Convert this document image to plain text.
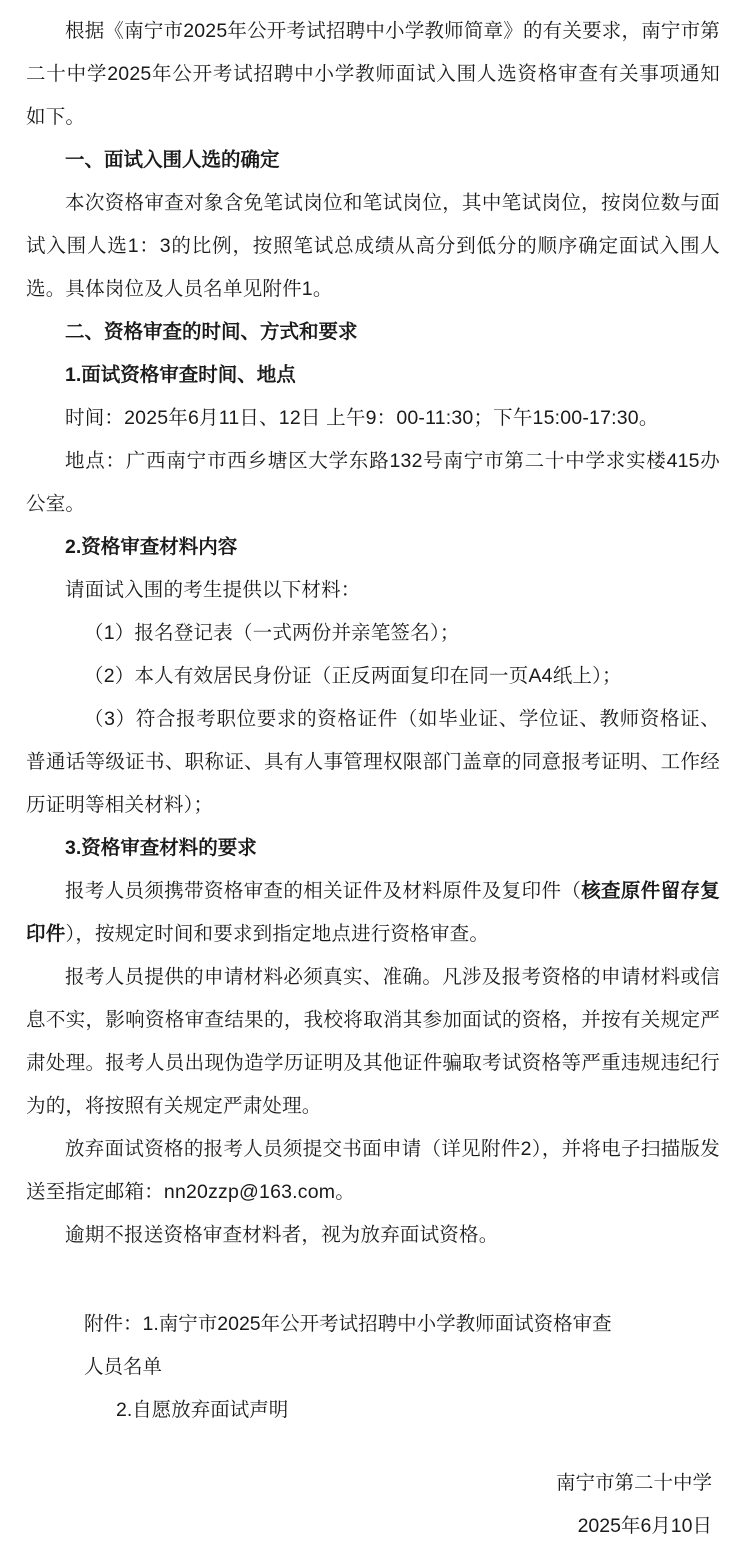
根据《南宁市2025年公开考试招聘中小学教师简章》的有关要求，南宁市第二十中学2025年公开考试招聘中小学教师面试入围人选资格审查有关事项通知如下。

一、面试入围人选的确定

本次资格审查对象含免笔试岗位和笔试岗位，其中笔试岗位，按岗位数与面试入围人选1：3的比例，按照笔试总成绩从高分到低分的顺序确定面试入围人选。具体岗位及人员名单见附件1。

二、资格审查的时间、方式和要求

1.面试资格审查时间、地点

时间：2025年6月11日、12日 上午9：00-11:30；下午15:00-17:30。

地点：广西南宁市西乡塘区大学东路132号南宁市第二十中学求实楼415办公室。

2.资格审查材料内容

请面试入围的考生提供以下材料：

（1）报名登记表（一式两份并亲笔签名）；

（2）本人有效居民身份证（正反两面复印在同一页A4纸上）；

（3）符合报考职位要求的资格证件（如毕业证、学位证、教师资格证、普通话等级证书、职称证、具有人事管理权限部门盖章的同意报考证明、工作经历证明等相关材料）；

3.资格审查材料的要求

报考人员须携带资格审查的相关证件及材料原件及复印件（核查原件留存复印件），按规定时间和要求到指定地点进行资格审查。

报考人员提供的申请材料必须真实、准确。凡涉及报考资格的申请材料或信息不实，影响资格审查结果的，我校将取消其参加面试的资格，并按有关规定严肃处理。报考人员出现伪造学历证明及其他证件骗取考试资格等严重违规违纪行为的，将按照有关规定严肃处理。

放弃面试资格的报考人员须提交书面申请（详见附件2），并将电子扫描版发送至指定邮箱：nn20zzp@163.com。

逾期不报送资格审查材料者，视为放弃面试资格。

附件：1.南宁市2025年公开考试招聘中小学教师面试资格审查

人员名单

2.自愿放弃面试声明

南宁市第二十中学

2025年6月10日
